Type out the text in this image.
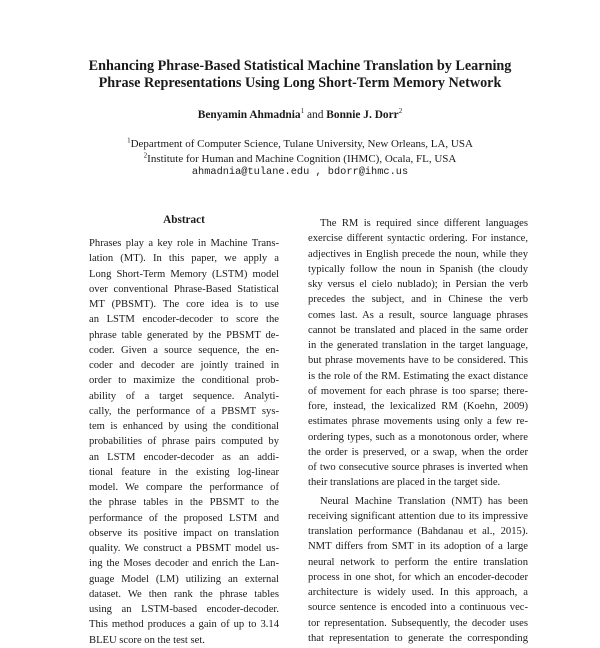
Enhancing Phrase-Based Statistical Machine Translation by Learning
Phrase Representations Using Long Short-Term Memory Network
Benyamin Ahmadnia$^1$ and Bonnie J. Dorr$^2$
$^1$Department of Computer Science, Tulane University, New Orleans, LA, USA
$^2$Institute for Human and Machine Cognition (IHMC), Ocala, FL, USA
ahmadnia@tulane.edu , bdorr@ihmc.us
Abstract
Phrases play a key role in Machine Trans-
lation (MT). In this paper, we apply a
Long Short-Term Memory (LSTM) model
over conventional Phrase-Based Statistical
MT (PBSMT). The core idea is to use
an LSTM encoder-decoder to score the
phrase table generated by the PBSMT de-
coder. Given a source sequence, the en-
coder and decoder are jointly trained in
order to maximize the conditional prob-
ability of a target sequence. Analyti-
cally, the performance of a PBSMT sys-
tem is enhanced by using the conditional
probabilities of phrase pairs computed by
an LSTM encoder-decoder as an addi-
tional feature in the existing log-linear
model. We compare the performance of
the phrase tables in the PBSMT to the
performance of the proposed LSTM and
observe its positive impact on translation
quality. We construct a PBSMT model us-
ing the Moses decoder and enrich the Lan-
guage Model (LM) utilizing an external
dataset. We then rank the phrase tables
using an LSTM-based encoder-decoder.
This method produces a gain of up to 3.14
BLEU score on the test set.
The RM is required since different languages
exercise different syntactic ordering. For instance,
adjectives in English precede the noun, while they
typically follow the noun in Spanish (the cloudy
sky versus el cielo nublado); in Persian the verb
precedes the subject, and in Chinese the verb
comes last. As a result, source language phrases
cannot be translated and placed in the same order
in the generated translation in the target language,
but phrase movements have to be considered. This
is the role of the RM. Estimating the exact distance
of movement for each phrase is too sparse; there-
fore, instead, the lexicalized RM (Koehn, 2009)
estimates phrase movements using only a few re-
ordering types, such as a monotonous order, where
the order is preserved, or a swap, when the order
of two consecutive source phrases is inverted when
their translations are placed in the target side.
Neural Machine Translation (NMT) has been
receiving significant attention due to its impressive
translation performance (Bahdanau et al., 2015).
NMT differs from SMT in its adoption of a large
neural network to perform the entire translation
process in one shot, for which an encoder-decoder
architecture is widely used. In this approach, a
source sentence is encoded into a continuous vec-
tor representation. Subsequently, the decoder uses
that representation to generate the corresponding
